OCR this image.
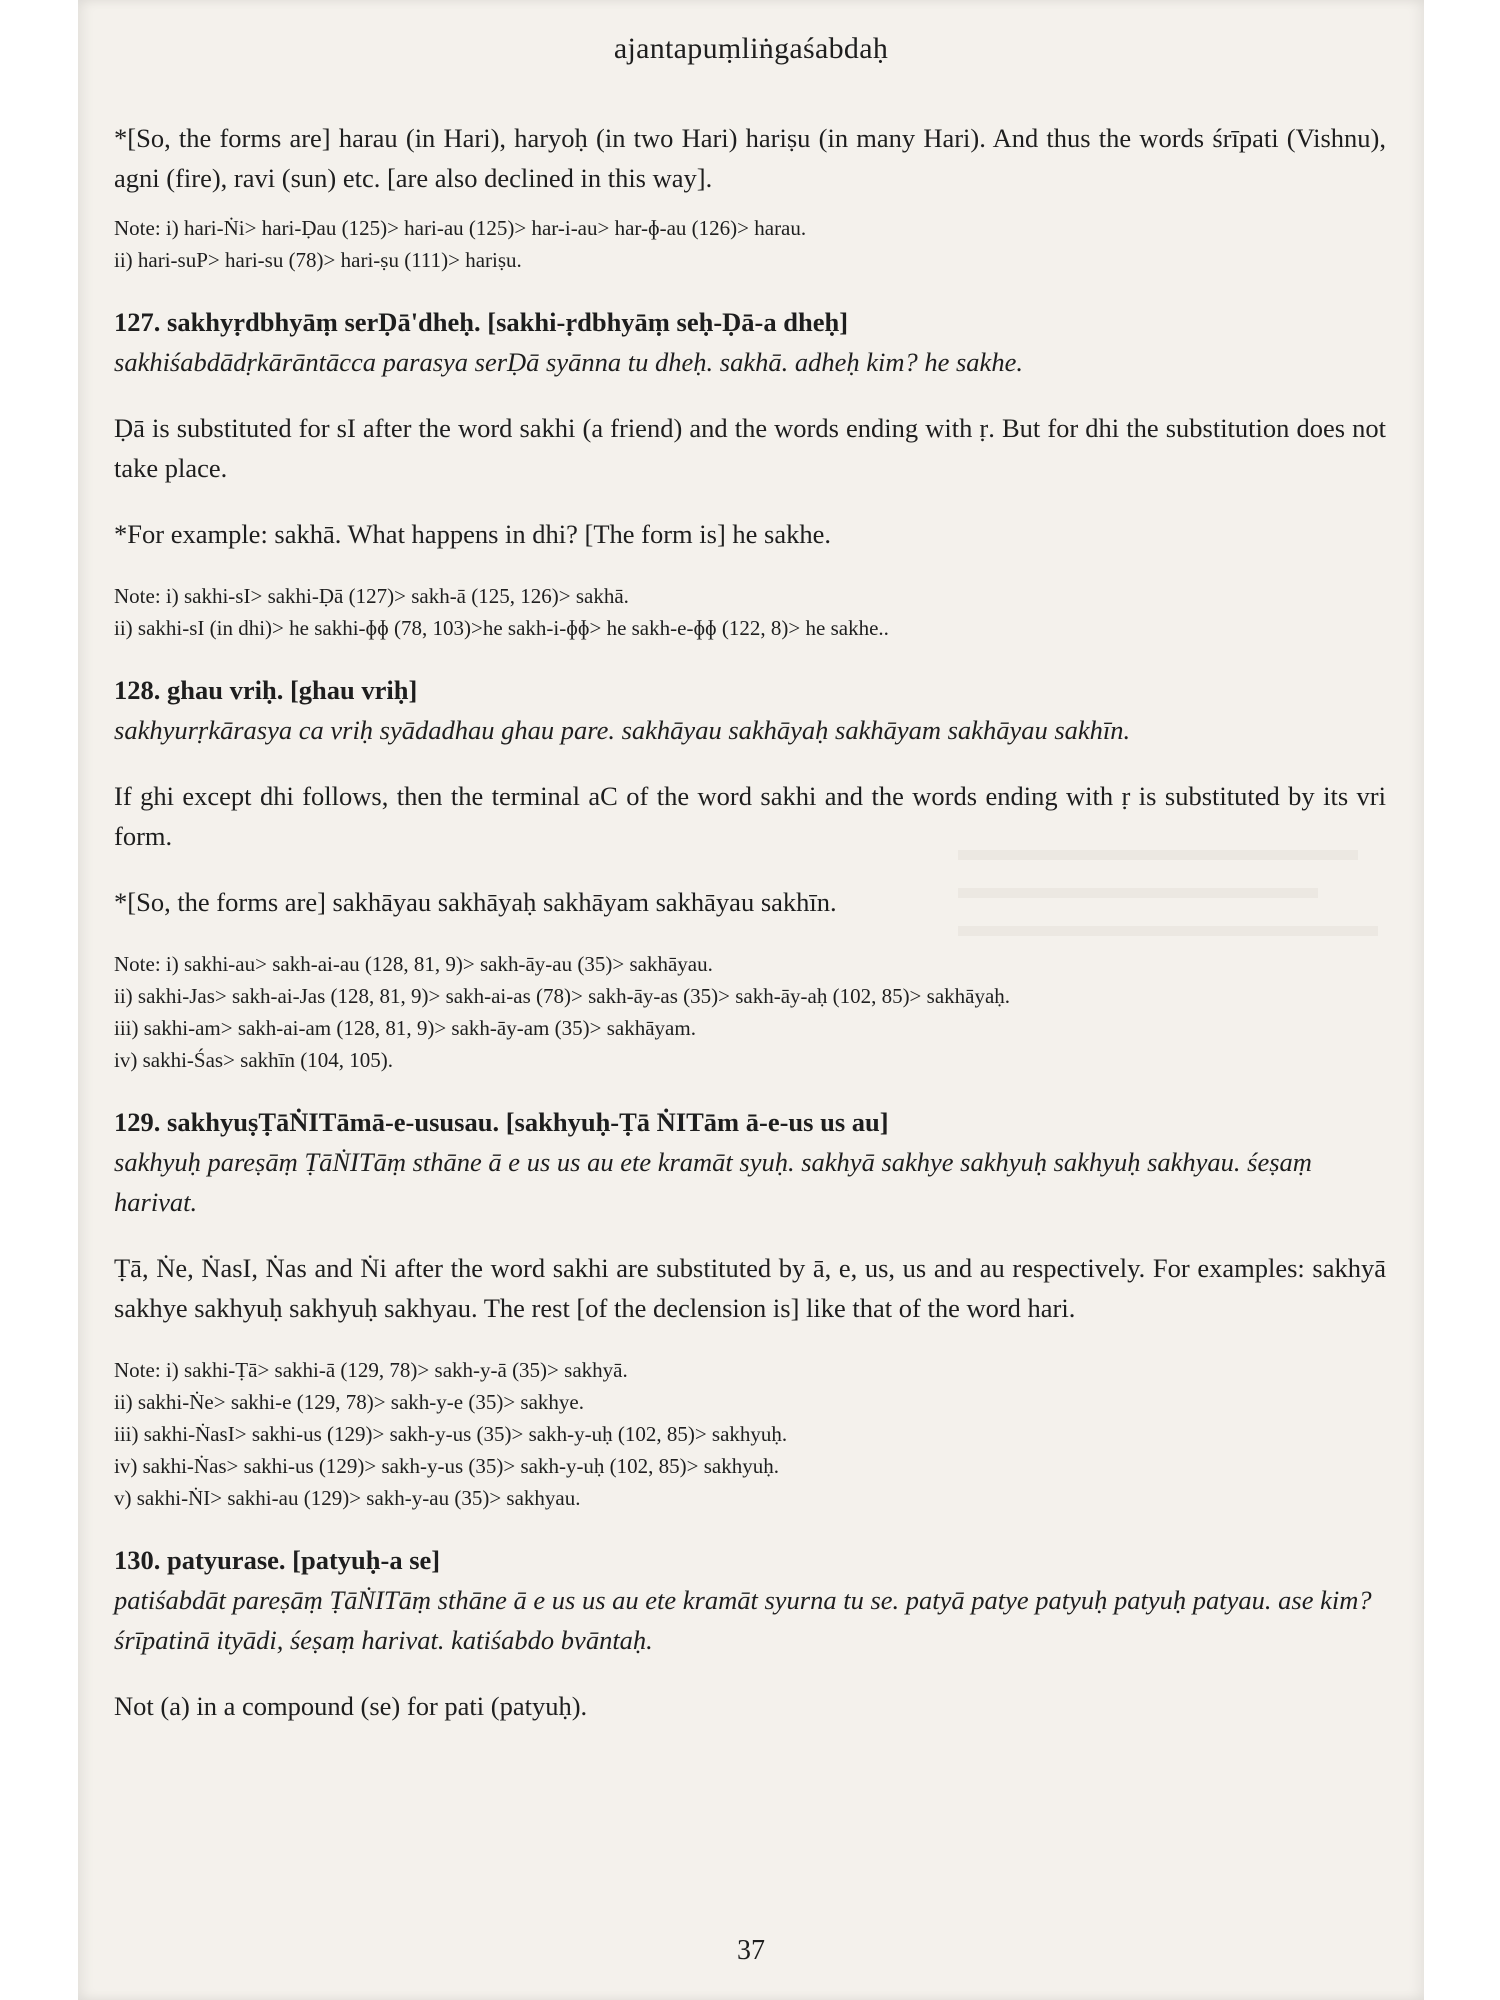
ajantapuṃliṅgaśabdaḥ

*[So, the forms are] harau (in Hari), haryoḥ (in two Hari) hariṣu (in many Hari). And thus the words śrīpati (Vishnu), agni (fire), ravi (sun) etc. [are also declined in this way].

Note: i) hari-Ṅi> hari-Ḍau (125)> hari-au (125)> har-i-au> har-ɸ-au (126)> harau.

ii) hari-suP> hari-su (78)> hari-ṣu (111)> hariṣu.

127. sakhyṛdbhyāṃ serḌā'dheḥ. [sakhi-ṛdbhyāṃ seḥ-Ḍā-a dheḥ]

sakhiśabdādṛkārāntācca parasya serḌā syānna tu dheḥ. sakhā. adheḥ kim? he sakhe.

Ḍā is substituted for sI after the word sakhi (a friend) and the words ending with ṛ. But for dhi the substitution does not take place.

*For example: sakhā. What happens in dhi? [The form is] he sakhe.

Note: i) sakhi-sI> sakhi-Ḍā (127)> sakh-ā (125, 126)> sakhā.

ii) sakhi-sI (in dhi)> he sakhi-ɸɸ (78, 103)>he sakh-i-ɸɸ> he sakh-e-ɸɸ (122, 8)> he sakhe..

128. ghau vriḥ. [ghau vriḥ]

sakhyurṛkārasya ca vriḥ syādadhau ghau pare. sakhāyau sakhāyaḥ sakhāyam sakhāyau sakhīn.

If ghi except dhi follows, then the terminal aC of the word sakhi and the words ending with ṛ is substituted by its vri form.

*[So, the forms are] sakhāyau sakhāyaḥ sakhāyam sakhāyau sakhīn.

Note: i) sakhi-au> sakh-ai-au (128, 81, 9)> sakh-āy-au (35)> sakhāyau.

ii) sakhi-Jas> sakh-ai-Jas (128, 81, 9)> sakh-ai-as (78)> sakh-āy-as (35)> sakh-āy-aḥ (102, 85)> sakhāyaḥ.

iii) sakhi-am> sakh-ai-am (128, 81, 9)> sakh-āy-am (35)> sakhāyam.

iv) sakhi-Śas> sakhīn (104, 105).

129. sakhyuṣṬāṄITāmā-e-ususau. [sakhyuḥ-Ṭā ṄITām ā-e-us us au]

sakhyuḥ pareṣāṃ ṬāṄITāṃ sthāne ā e us us au ete kramāt syuḥ. sakhyā sakhye sakhyuḥ sakhyuḥ sakhyau. śeṣaṃ harivat.

Ṭā, Ṅe, ṄasI, Ṅas and Ṅi after the word sakhi are substituted by ā, e, us, us and au respectively. For examples: sakhyā sakhye sakhyuḥ sakhyuḥ sakhyau. The rest [of the declension is] like that of the word hari.

Note: i) sakhi-Ṭā> sakhi-ā (129, 78)> sakh-y-ā (35)> sakhyā.

ii) sakhi-Ṅe> sakhi-e (129, 78)> sakh-y-e (35)> sakhye.

iii) sakhi-ṄasI> sakhi-us (129)> sakh-y-us (35)> sakh-y-uḥ (102, 85)> sakhyuḥ.

iv) sakhi-Ṅas> sakhi-us (129)> sakh-y-us (35)> sakh-y-uḥ (102, 85)> sakhyuḥ.

v) sakhi-ṄI> sakhi-au (129)> sakh-y-au (35)> sakhyau.

130. patyurase. [patyuḥ-a se]

patiśabdāt pareṣāṃ ṬāṄITāṃ sthāne ā e us us au ete kramāt syurna tu se. patyā patye patyuḥ patyuḥ patyau. ase kim? śrīpatinā ityādi, śeṣaṃ harivat. katiśabdo bvāntaḥ.

Not (a) in a compound (se) for pati (patyuḥ).

37
